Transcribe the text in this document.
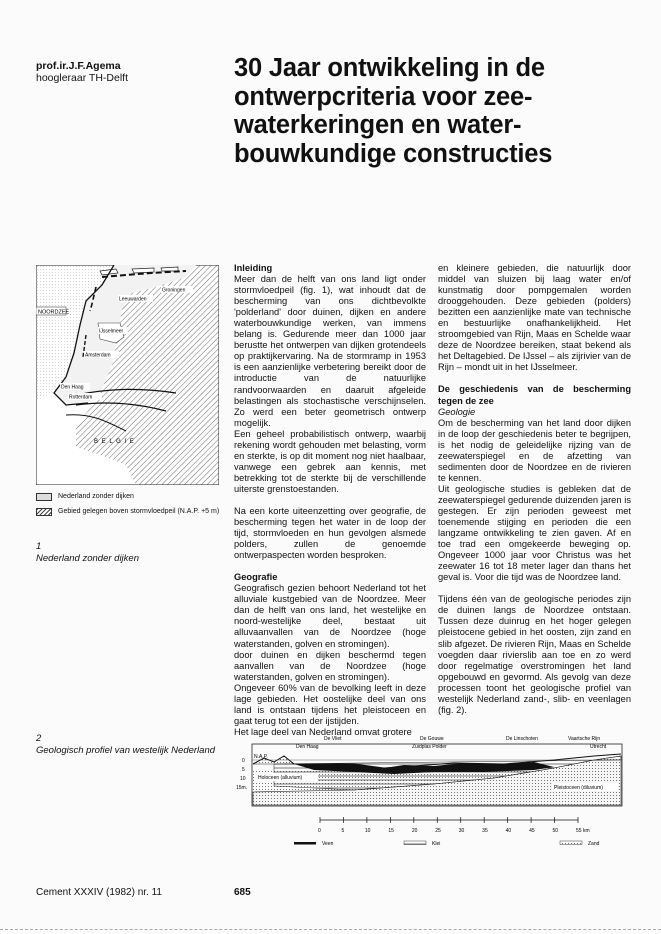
prof.ir.J.F.Agema
hoogleraar TH-Delft	30 Jaar ontwikkeling in de
ontwerpcriteria voor zee-
waterkeringen en water-
bouwkundige constructies
NOORDZEE
Groningen
Leeuwarden
IJsselmeer
Amsterdam
Den Haag
Rotterdam
B E L G I E
Nederland zonder dijken
Gebied gelegen boven stormvloedpeil (N.A.P. +5 m)
1
Nederland zonder dijken
Inleiding

Meer dan de helft van ons land ligt onder stormvloedpeil (fig. 1), wat inhoudt dat de bescherming van ons dichtbevolkte 'polderland' door duinen, dijken en andere waterbouwkundige werken, van immens belang is. Gedurende meer dan 1000 jaar berustte het ontwerpen van dijken grotendeels op praktijkervaring. Na de stormramp in 1953 is een aanzienlijke verbetering bereikt door de introductie van de natuurlijke randvoorwaarden en daaruit afgeleide belastingen als stochastische verschijnselen. Zo werd een beter geometrisch ontwerp mogelijk.

Een geheel probabilistisch ontwerp, waarbij rekening wordt gehouden met belasting, vorm en sterkte, is op dit moment nog niet haalbaar, vanwege een gebrek aan kennis, met betrekking tot de sterkte bij de verschillende uiterste grenstoestanden.

Na een korte uiteenzetting over geografie, de bescherming tegen het water in de loop der tijd, stormvloeden en hun gevolgen alsmede polders, zullen de genoemde ontwerpaspecten worden besproken.

Geografie

Geografisch gezien behoort Nederland tot het alluviale kustgebied van de Noordzee. Meer dan de helft van ons land, het westelijke en noord-westelijke deel, bestaat uit alluvaanvallen van de Noordzee (hoge waterstanden, golven en stromingen).

door duinen en dijken beschermd tegen aanvallen van de Noordzee (hoge waterstanden, golven en stromingen).

Ongeveer 60% van de bevolking leeft in deze lage gebieden. Het oostelijke deel van ons land is ontstaan tijdens het pleistoceen en gaat terug tot een der ijstijden.

Het lage deel van Nederland omvat grotere

en kleinere gebieden, die natuurlijk door middel van sluizen bij laag water en/of kunstmatig door pompgemalen worden drooggehouden. Deze gebieden (polders) bezitten een aanzienlijke mate van technische en bestuurlijke onafhankelijkheid. Het stroomgebied van Rijn, Maas en Schelde waar deze de Noordzee bereiken, staat bekend als het Deltagebied. De IJssel – als zijrivier van de Rijn – mondt uit in het IJsselmeer.

De geschiedenis van de bescherming tegen de zee

Geologie

Om de bescherming van het land door dijken in de loop der geschiedenis beter te begrijpen, is het nodig de geleidelijke rijzing van de zeewaterspiegel en de afzetting van sedimenten door de Noordzee en de rivieren te kennen.

Uit geologische studies is gebleken dat de zeewaterspiegel gedurende duizenden jaren is gestegen. Er zijn perioden geweest met toenemende stijging en perioden die een langzame ontwikkeling te zien gaven. Af en toe trad een omgekeerde beweging op. Ongeveer 1000 jaar voor Christus was het zeewater 16 tot 18 meter lager dan thans het geval is. Voor die tijd was de Noordzee land.

Tijdens één van de geologische periodes zijn de duinen langs de Noordzee ontstaan. Tussen deze duinrug en het hoger gelegen pleistocene gebied in het oosten, zijn zand en slib afgezet. De rivieren Rijn, Maas en Schelde voegden daar rivierslib aan toe en zo werd door regelmatige overstromingen het land opgebouwd en gevormd. Als gevolg van deze processen toont het geologische profiel van westelijk Nederland zand-, slib- en veenlagen (fig. 2).

2
Geologisch profiel van westelijk Nederland
De Vliet	De Gouwe	De Linschoten	Vaartsche Rijn
Den Haag	Zuidplas Polder	Utrecht
N.A.P.
0
5
10
15m.
Holoceen (alluvium)
Pleistoceen (diluvium)
0	5	10	15	20	25	30	35	40	45	50	55 km
Veen	Klei	Zand
Cement XXXIV (1982) nr. 11	685
